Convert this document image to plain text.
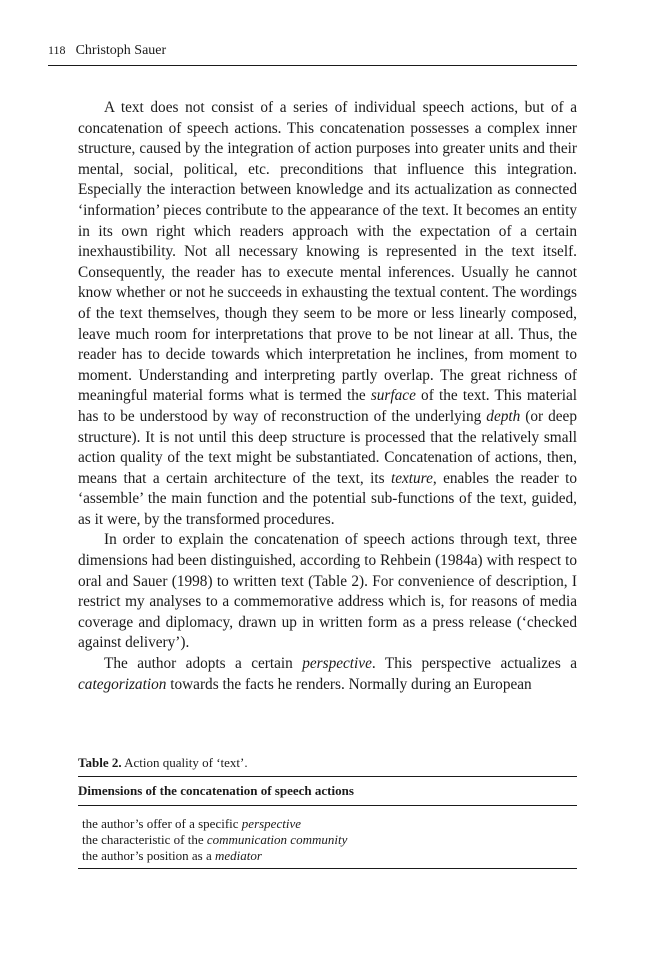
118 Christoph Sauer

A text does not consist of a series of individual speech actions, but of a concatenation of speech actions. This concatenation possesses a complex inner structure, caused by the integration of action purposes into greater units and their mental, social, political, etc. preconditions that influence this integration. Especially the interaction between knowledge and its actualization as connected ‘information’ pieces contribute to the appearance of the text. It becomes an entity in its own right which readers approach with the expectation of a certain inexhaustibility. Not all necessary knowing is represented in the text itself. Consequently, the reader has to execute mental inferences. Usually he cannot know whether or not he succeeds in exhausting the textual content. The wordings of the text themselves, though they seem to be more or less linearly composed, leave much room for interpretations that prove to be not linear at all. Thus, the reader has to decide towards which interpretation he inclines, from moment to moment. Understanding and interpreting partly overlap. The great richness of meaningful material forms what is termed the surface of the text. This material has to be understood by way of reconstruction of the underlying depth (or deep structure). It is not until this deep structure is processed that the relatively small action quality of the text might be substantiated. Concatenation of actions, then, means that a certain architecture of the text, its texture, enables the reader to ‘assemble’ the main function and the potential sub-functions of the text, guided, as it were, by the transformed procedures.

In order to explain the concatenation of speech actions through text, three dimensions had been distinguished, according to Rehbein (1984a) with respect to oral and Sauer (1998) to written text (Table 2). For convenience of description, I restrict my analyses to a commemorative address which is, for reasons of media coverage and diplomacy, drawn up in written form as a press release (‘checked against delivery’).

The author adopts a certain perspective. This perspective actualizes a categorization towards the facts he renders. Normally during an European

Table 2. Action quality of ‘text’.
Dimensions of the concatenation of speech actions
the author’s offer of a specific perspective
the characteristic of the communication community
the author’s position as a mediator
